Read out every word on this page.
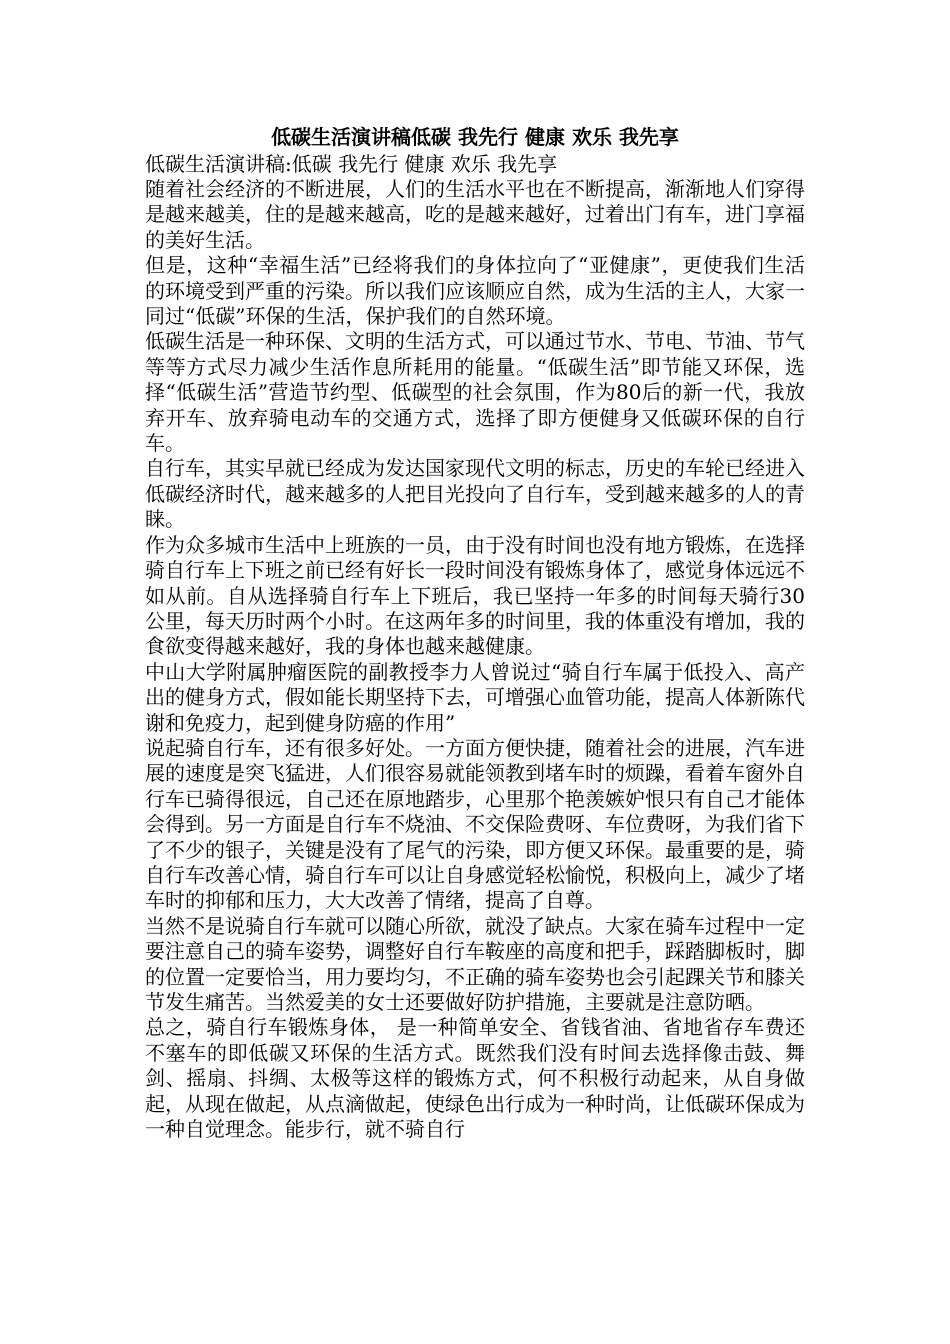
低碳生活演讲稿低碳 我先行 健康 欢乐 我先享

低碳生活演讲稿:低碳 我先行 健康 欢乐 我先享

随着社会经济的不断进展，人们的生活水平也在不断提高，渐渐地人们穿得是越来越美，住的是越来越高，吃的是越来越好，过着出门有车，进门享福的美好生活。

但是，这种“幸福生活”已经将我们的身体拉向了“亚健康”，更使我们生活的环境受到严重的污染。所以我们应该顺应自然，成为生活的主人，大家一同过“低碳”环保的生活，保护我们的自然环境。

低碳生活是一种环保、文明的生活方式，可以通过节水、节电、节油、节气等等方式尽力减少生活作息所耗用的能量。“低碳生活”即节能又环保，选择“低碳生活”营造节约型、低碳型的社会氛围，作为80后的新一代，我放弃开车、放弃骑电动车的交通方式，选择了即方便健身又低碳环保的自行车。

自行车，其实早就已经成为发达国家现代文明的标志，历史的车轮已经进入低碳经济时代，越来越多的人把目光投向了自行车，受到越来越多的人的青睐。

作为众多城市生活中上班族的一员，由于没有时间也没有地方锻炼，在选择骑自行车上下班之前已经有好长一段时间没有锻炼身体了，感觉身体远远不如从前。自从选择骑自行车上下班后，我已坚持一年多的时间每天骑行30公里，每天历时两个小时。在这两年多的时间里，我的体重没有增加，我的食欲变得越来越好，我的身体也越来越健康。

中山大学附属肿瘤医院的副教授李力人曾说过“骑自行车属于低投入、高产出的健身方式，假如能长期坚持下去，可增强心血管功能，提高人体新陈代谢和免疫力，起到健身防癌的作用”

说起骑自行车，还有很多好处。一方面方便快捷，随着社会的进展，汽车进展的速度是突飞猛进，人们很容易就能领教到堵车时的烦躁，看着车窗外自行车已骑得很远，自己还在原地踏步，心里那个艳羡嫉妒恨只有自己才能体会得到。另一方面是自行车不烧油、不交保险费呀、车位费呀，为我们省下了不少的银子，关键是没有了尾气的污染，即方便又环保。最重要的是，骑自行车改善心情，骑自行车可以让自身感觉轻松愉悦，积极向上，减少了堵车时的抑郁和压力，大大改善了情绪，提高了自尊。

当然不是说骑自行车就可以随心所欲，就没了缺点。大家在骑车过程中一定要注意自己的骑车姿势，调整好自行车鞍座的高度和把手，踩踏脚板时，脚的位置一定要恰当，用力要均匀，不正确的骑车姿势也会引起踝关节和膝关节发生痛苦。当然爱美的女士还要做好防护措施，主要就是注意防晒。

总之，骑自行车锻炼身体， 是一种简单安全、省钱省油、省地省存车费还不塞车的即低碳又环保的生活方式。既然我们没有时间去选择像击鼓、舞剑、摇扇、抖绸、太极等这样的锻炼方式，何不积极行动起来，从自身做起，从现在做起，从点滴做起，使绿色出行成为一种时尚，让低碳环保成为一种自觉理念。能步行，就不骑自行
